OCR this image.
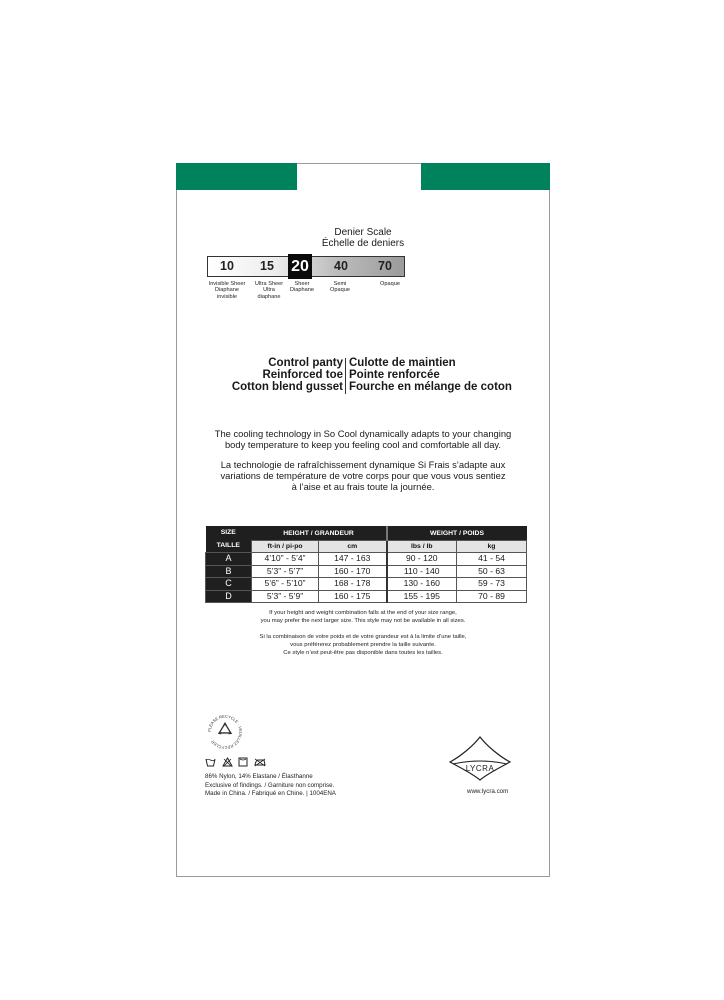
Denier Scale
Échelle de deniers
10	15	20	40	70
Invisible Sheer
Diaphane
invisible
Ultra Sheer
Ultra
diaphane
Sheer
Diaphane
Semi
Opaque
Opaque
Control panty
Reinforced toe
Cotton blend gusset
Culotte de maintien
Pointe renforcée
Fourche en mélange de coton
The cooling technology in So Cool dynamically adapts to your changing
body temperature to keep you feeling cool and comfortable all day.
La technologie de rafraîchissement dynamique Si Frais s’adapte aux
variations de température de votre corps pour que vous vous sentiez
à l’aise et au frais toute la journée.
SIZE
TAILLE	HEIGHT / GRANDEUR		WEIGHT / POIDS	
	ft-in / pi-po	cm	lbs / lb	kg
A	4’10” - 5’4”	147 - 163	90 - 120	41 - 54
B	5’3” - 5’7”	160 - 170	110 - 140	50 - 63
C	5’6” - 5’10”	168 - 178	130 - 160	59 - 73
D	5’3” - 5’9”	160 - 175	155 - 195	70 - 89
If your height and weight combination falls at the end of your size range,
you may prefer the next larger size. This style may not be available in all sizes.
Si la combinaison de votre poids et de votre grandeur est à la limite d’une taille,
vous préférerez probablement prendre la taille suivante.
Ce style n’est peut-être pas disponible dans toutes les tailles.
PLEASE RECYCLE · VEUILLEZ RECYCLER ·

86% Nylon, 14% Elastane / Élasthanne
Exclusive of findings. / Garniture non comprise.
Made in China. / Fabriqué en Chine. | 1004ENA
LYCRA
www.lycra.com
